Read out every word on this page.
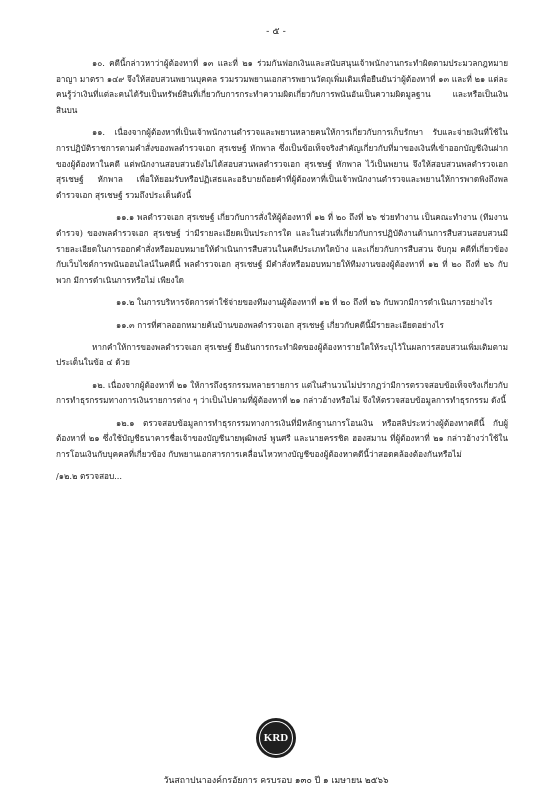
- ๕ -

๑๐. คดีนี้กล่าวหาว่าผู้ต้องหาที่ ๑๓ และที่ ๒๑ ร่วมกันฟอกเงินและสนับสนุนเจ้าพนักงานกระทำผิดตามประมวลกฎหมายอาญา มาตรา ๑๔๙ จึงให้สอบสวนพยานบุคคล รวมรวมพยานเอกสารพยานวัตถุเพิ่มเติมเพื่อยืนยันว่าผู้ต้องหาที่ ๑๓ และที่ ๒๑ แต่ละคนรู้ว่าเงินที่แต่ละคนได้รับเป็นทรัพย์สินที่เกี่ยวกับการกระทำความผิดเกี่ยวกับการพนันอันเป็นความผิดมูลฐาน และหรือเป็นเงินสินบน

๑๑. เนื่องจากผู้ต้องหาที่เป็นเจ้าพนักงานตำรวจและพยานหลายคนให้การเกี่ยวกับการเก็บรักษา รับและจ่ายเงินที่ใช้ในการปฏิบัติราชการตามคำสั่งของพลตำรวจเอก สุรเชษฐ์ หักพาล ซึ่งเป็นข้อเท็จจริงสำคัญเกี่ยวกับที่มาของเงินที่เข้าออกบัญชีเงินฝากของผู้ต้องหาในคดี แต่พนักงานสอบสวนยังไม่ได้สอบสวนพลตำรวจเอก สุรเชษฐ์ หักพาล ไว้เป็นพยาน จึงให้สอบสวนพลตำรวจเอก สุรเชษฐ์ หักพาล เพื่อให้ยอมรับหรือปฏิเสธและอธิบายถ้อยคำที่ผู้ต้องหาที่เป็นเจ้าพนักงานตำรวจและพยานให้การพาดพิงถึงพลตำรวจเอก สุรเชษฐ์ รวมถึงประเด็นดังนี้

๑๑.๑ พลตำรวจเอก สุรเชษฐ์ เกี่ยวกับการสั่งให้ผู้ต้องหาที่ ๑๒ ที่ ๒๐ ถึงที่ ๒๖ ช่วยทำงาน เป็นคณะทำงาน (ทีมงานตำรวจ) ของพลตำรวจเอก สุรเชษฐ์ ว่ามีรายละเอียดเป็นประการใด และในส่วนที่เกี่ยวกับการปฏิบัติงานด้านการสืบสวนสอบสวนมีรายละเอียดในการออกคำสั่งหรือมอบหมายให้ดำเนินการสืบสวนในคดีประเภทใดบ้าง และเกี่ยวกับการสืบสวน จับกุม คดีที่เกี่ยวข้องกับเว็บไซต์การพนันออนไลน์ในคดีนี้ พลตำรวจเอก สุรเชษฐ์ มีคำสั่งหรือมอบหมายให้ทีมงานของผู้ต้องหาที่ ๑๒ ที่ ๒๐ ถึงที่ ๒๖ กับพวก มีการดำเนินการหรือไม่ เพียงใด

๑๑.๒ ในการบริหารจัดการค่าใช้จ่ายของทีมงานผู้ต้องหาที่ ๑๒ ที่ ๒๐ ถึงที่ ๒๖ กับพวกมีการดำเนินการอย่างไร

๑๑.๓ การที่ศาลออกหมายค้นบ้านของพลตำรวจเอก สุรเชษฐ์ เกี่ยวกับคดีนี้มีรายละเอียดอย่างไร

หากคำให้การของพลตำรวจเอก สุรเชษฐ์ ยืนยันการกระทำผิดของผู้ต้องหารายใดให้ระบุไว้ในผลการสอบสวนเพิ่มเติมตามประเด็นในข้อ ๔ ด้วย

๑๒. เนื่องจากผู้ต้องหาที่ ๒๑ ให้การถึงธุรกรรมหลายรายการ แต่ในสำนวนไม่ปรากฏว่ามีการตรวจสอบข้อเท็จจริงเกี่ยวกับการทำธุรกรรมทางการเงินรายการต่าง ๆ ว่าเป็นไปตามที่ผู้ต้องหาที่ ๒๑ กล่าวอ้างหรือไม่ จึงให้ตรวจสอบข้อมูลการทำธุรกรรม ดังนี้

๑๒.๑ ตรวจสอบข้อมูลการทำธุรกรรมทางการเงินที่มีหลักฐานการโอนเงิน หรือสลิประหว่างผู้ต้องหาคดีนี้ กับผู้ต้องหาที่ ๒๑ ซึ่งใช้บัญชีธนาคารชื่อเจ้าของบัญชีนายพุฒิพงษ์ พูนศรี และนายครรชิต ฮองสมาน ที่ผู้ต้องหาที่ ๒๑ กล่าวอ้างว่าใช้ในการโอนเงินกับบุคคลที่เกี่ยวข้อง กับพยานเอกสารการเคลื่อนไหวทางบัญชีของผู้ต้องหาคดีนี้ว่าสอดคล้องต้องกันหรือไม่

/๑๒.๒ ตรวจสอบ...

KRD
วันสถาปนาองค์กรอัยการ ครบรอบ ๑๓๐ ปี ๑ เมษายน ๒๕๖๖
